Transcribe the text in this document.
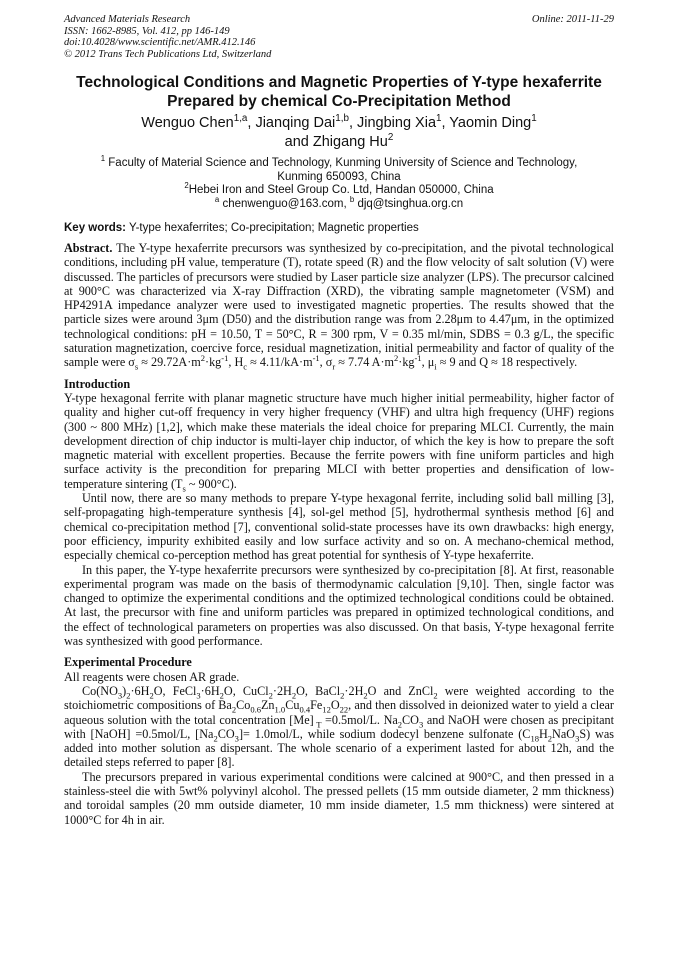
Advanced Materials Research
ISSN: 1662-8985, Vol. 412, pp 146-149
doi:10.4028/www.scientific.net/AMR.412.146
© 2012 Trans Tech Publications Ltd, Switzerland
Online: 2011-11-29
Technological Conditions and Magnetic Properties of Y-type hexaferrite
Prepared by chemical Co-Precipitation Method
Wenguo Chen$^{1,a}$, Jianqing Dai$^{1,b}$, Jingbing Xia$^1$, Yaomin Ding$^1$
and Zhigang Hu$^2$
$^1$ Faculty of Material Science and Technology, Kunming University of Science and Technology,
Kunming 650093, China
$^2$Hebei Iron and Steel Group Co. Ltd, Handan 050000, China
$^a$ chenwenguo@163.com, $^b$ djq@tsinghua.org.cn
Key words: Y-type hexaferrites; Co-precipitation; Magnetic properties

Abstract. The Y-type hexaferrite precursors was synthesized by co-precipitation, and the pivotal technological conditions, including pH value, temperature (T), rotate speed (R) and the flow velocity of salt solution (V) were discussed. The particles of precursors were studied by Laser particle size analyzer (LPS). The precursor calcined at 900°C was characterized via X-ray Diffraction (XRD), the vibrating sample magnetometer (VSM) and HP4291A impedance analyzer were used to investigated magnetic properties. The results showed that the particle sizes were around 3μm (D50) and the distribution range was from 2.28μm to 4.47μm, in the optimized technological conditions: pH = 10.50, T = 50°C, R = 300 rpm, V = 0.35 ml/min, SDBS = 0.3 g/L, the specific saturation magnetization, coercive force, residual magnetization, initial permeability and factor of quality of the sample were $\sigma_s \approx 29.72A\cdot m^2\cdot kg^{-1}$, $H_c \approx 4.11/kA\cdot m^{-1}$, $\sigma_r \approx 7.74$ $A\cdot m^2\cdot kg^{-1}$, $\mu_i \approx 9$ and Q ≈ 18 respectively.

Introduction

Y-type hexagonal ferrite with planar magnetic structure have much higher initial permeability, higher factor of quality and higher cut-off frequency in very higher frequency (VHF) and ultra high frequency (UHF) regions (300 ~ 800 MHz) [1,2], which make these materials the ideal choice for preparing MLCI. Currently, the main development direction of chip inductor is multi-layer chip inductor, of which the key is how to prepare the soft magnetic material with excellent properties. Because the ferrite powers with fine uniform particles and high surface activity is the precondition for preparing MLCI with better properties and densification of low-temperature sintering ($T_s$ ~ 900°C).

Until now, there are so many methods to prepare Y-type hexagonal ferrite, including solid ball milling [3], self-propagating high-temperature synthesis [4], sol-gel method [5], hydrothermal synthesis method [6] and chemical co-precipitation method [7], conventional solid-state processes have its own drawbacks: high energy, poor efficiency, impurity exhibited easily and low surface activity and so on. A mechano-chemical method, especially chemical co-perception method has great potential for synthesis of Y-type hexaferrite.

In this paper, the Y-type hexaferrite precursors were synthesized by co-precipitation [8]. At first, reasonable experimental program was made on the basis of thermodynamic calculation [9,10]. Then, single factor was changed to optimize the experimental conditions and the optimized technological conditions could be obtained. At last, the precursor with fine and uniform particles was prepared in optimized technological conditions, and the effect of technological parameters on properties was also discussed. On that basis, Y-type hexagonal ferrite was synthesized with good performance.

Experimental Procedure

All reagents were chosen AR grade.

$Co(NO_3)_2\cdot 6H_2O$, $FeCl_3\cdot 6H_2O$, $CuCl_2\cdot 2H_2O$, $BaCl_2\cdot 2H_2O$ and ZnCl$_2$ were weighted according to the stoichiometric compositions of $Ba_2Co_{0.6}Zn_{1.0}Cu_{0.4}Fe_{12}O_{22}$, and then dissolved in deionized water to yield a clear aqueous solution with the total concentration [Me] $_T$ =0.5mol/L. $Na_2CO_3$ and NaOH were chosen as precipitant with [NaOH] =0.5mol/L, $[Na_2CO_3]= 1.0mol/L$, while sodium dodecyl benzene sulfonate $(C_{18}H_2NaO_3S)$ was added into mother solution as dispersant. The whole scenario of a experiment lasted for about 12h, and the detailed steps referred to paper [8].

The precursors prepared in various experimental conditions were calcined at 900°C, and then pressed in a stainless-steel die with 5wt% polyvinyl alcohol. The pressed pellets (15 mm outside diameter, 2 mm thickness) and toroidal samples (20 mm outside diameter, 10 mm inside diameter, 1.5 mm thickness) were sintered at 1000°C for 4h in air.
